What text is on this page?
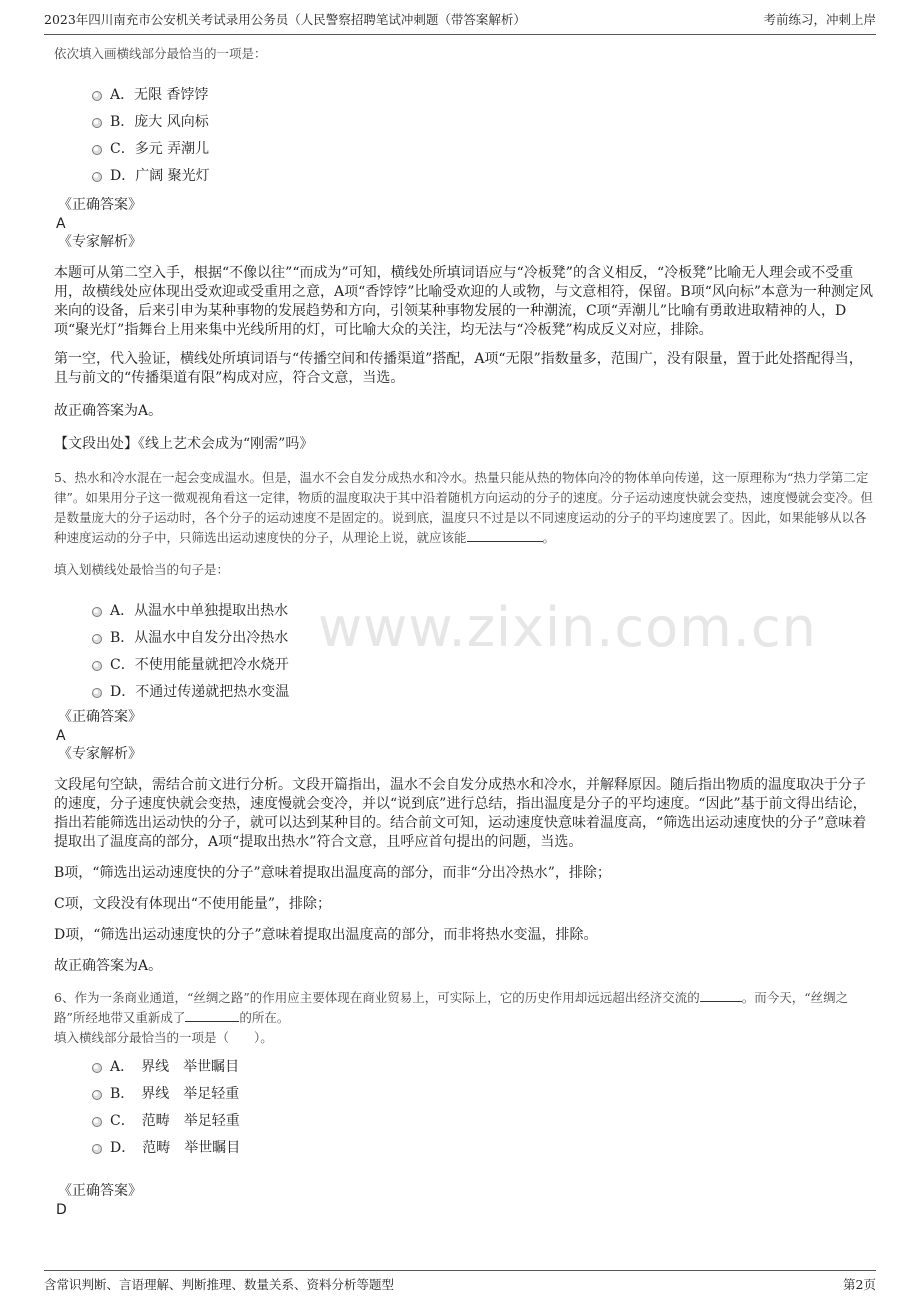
2023年四川南充市公安机关考试录用公务员（人民警察招聘笔试冲刺题（带答案解析）	考前练习，冲刺上岸
www.zixin.com.cn
依次填入画横线部分最恰当的一项是：
A．无限 香饽饽
B．庞大 风向标
C．多元 弄潮儿
D．广阔 聚光灯
《正确答案》
A
《专家解析》

本题可从第二空入手，根据“不像以往”“而成为”可知，横线处所填词语应与“冷板凳”的含义相反，“冷板凳”比喻无人理会或不受重用，故横线处应体现出受欢迎或受重用之意，A项“香饽饽”比喻受欢迎的人或物，与文意相符，保留。B项“风向标”本意为一种测定风来向的设备，后来引申为某种事物的发展趋势和方向，引领某种事物发展的一种潮流，C项“弄潮儿”比喻有勇敢进取精神的人，D项“聚光灯”指舞台上用来集中光线所用的灯，可比喻大众的关注，均无法与“冷板凳”构成反义对应，排除。

第一空，代入验证，横线处所填词语与“传播空间和传播渠道”搭配，A项“无限”指数量多，范围广，没有限量，置于此处搭配得当，且与前文的“传播渠道有限”构成对应，符合文意，当选。

故正确答案为A。

【文段出处】《线上艺术会成为“刚需”吗》

5、热水和冷水混在一起会变成温水。但是，温水不会自发分成热水和冷水。热量只能从热的物体向冷的物体单向传递，这一原理称为“热力学第二定律”。如果用分子这一微观视角看这一定律，物质的温度取决于其中沿着随机方向运动的分子的速度。分子运动速度快就会变热，速度慢就会变冷。但是数量庞大的分子运动时，各个分子的运动速度不是固定的。说到底，温度只不过是以不同速度运动的分子的平均速度罢了。因此，如果能够从以各种速度运动的分子中，只筛选出运动速度快的分子，从理论上说，就应该能	。

填入划横线处最恰当的句子是：
A．从温水中单独提取出热水
B．从温水中自发分出冷热水
C．不使用能量就把冷水烧开
D．不通过传递就把热水变温
《正确答案》
A
《专家解析》

文段尾句空缺，需结合前文进行分析。文段开篇指出，温水不会自发分成热水和冷水，并解释原因。随后指出物质的温度取决于分子的速度，分子速度快就会变热，速度慢就会变冷，并以“说到底”进行总结，指出温度是分子的平均速度。“因此”基于前文得出结论，指出若能筛选出运动快的分子，就可以达到某种目的。结合前文可知，运动速度快意味着温度高，“筛选出运动速度快的分子”意味着提取出了温度高的部分，A项“提取出热水”符合文意，且呼应首句提出的问题，当选。

B项，“筛选出运动速度快的分子”意味着提取出温度高的部分，而非“分出冷热水”，排除；

C项，文段没有体现出“不使用能量”，排除；

D项，“筛选出运动速度快的分子”意味着提取出温度高的部分，而非将热水变温，排除。

故正确答案为A。

6、作为一条商业通道，“丝绸之路”的作用应主要体现在商业贸易上，可实际上，它的历史作用却远远超出经济交流的	。而今天，“丝绸之路”所经地带又重新成了	的所在。

填入横线部分最恰当的一项是（　　）。
A．　界线　举世瞩目
B．　界线　举足轻重
C．　范畴　举足轻重
D．　范畴　举世瞩目
《正确答案》
D
含常识判断、言语理解、判断推理、数量关系、资料分析等题型	第2页
